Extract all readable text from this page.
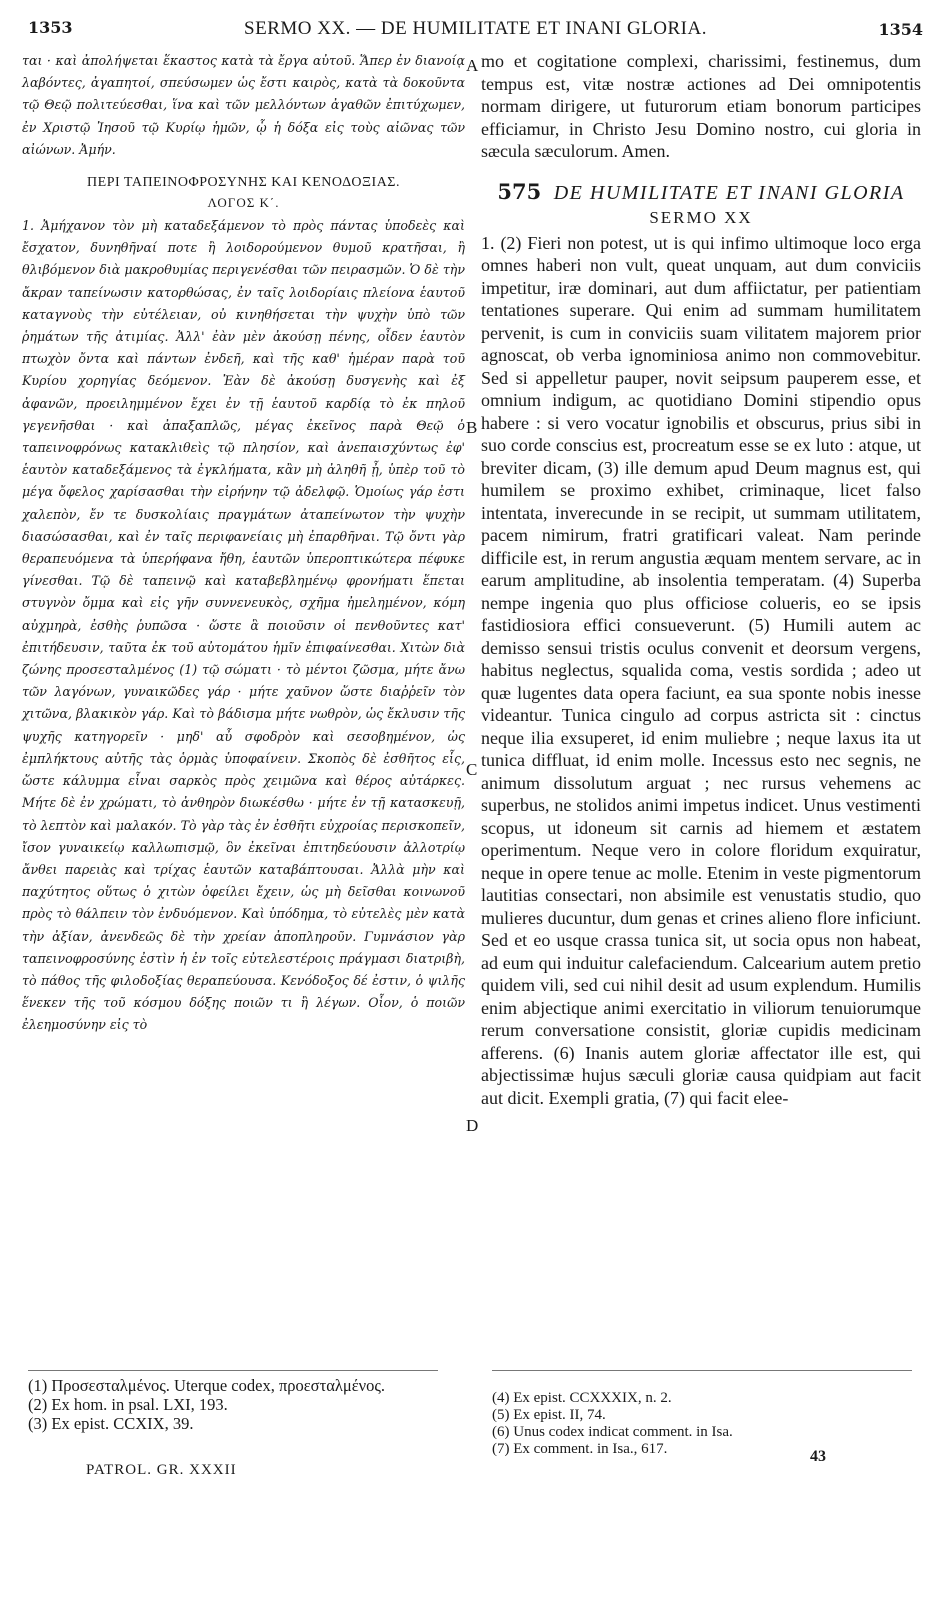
1353	SERMO XX. — DE HUMILITATE ET INANI GLORIA.	1354

ται · καὶ ἀπολήψεται ἕκαστος κατὰ τὰ ἔργα αὐτοῦ. Ἅπερ ἐν διανοίᾳ λαβόντες, ἀγαπητοί, σπεύσωμεν ὡς ἔστι καιρὸς, κατὰ τὰ δοκοῦντα τῷ Θεῷ πολιτεύεσθαι, ἵνα καὶ τῶν μελλόντων ἀγαθῶν ἐπιτύχωμεν, ἐν Χριστῷ Ἰησοῦ τῷ Κυρίῳ ἡμῶν, ᾧ ἡ δόξα εἰς τοὺς αἰῶνας τῶν αἰώνων. Ἀμήν.

ΠΕΡΙ ΤΑΠΕΙΝΟΦΡΟΣΥΝΗΣ ΚΑΙ ΚΕΝΟΔΟΞΙΑΣ.
ΛΟΓΟΣ Κ΄.

1. Ἀμήχανον τὸν μὴ καταδεξάμενον τὸ πρὸς πάντας ὑποδεὲς καὶ ἔσχατον, δυνηθῆναί ποτε ἢ λοιδορούμενον θυμοῦ κρατῆσαι, ἢ θλιβόμενον διὰ μακροθυμίας περιγενέσθαι τῶν πειρασμῶν. Ὁ δὲ τὴν ἄκραν ταπείνωσιν κατορθώσας, ἐν ταῖς λοιδορίαις πλείονα ἑαυτοῦ καταγνοὺς τὴν εὐτέλειαν, οὐ κινηθήσεται τὴν ψυχὴν ὑπὸ τῶν ῥημάτων τῆς ἀτιμίας. Ἀλλ' ἐὰν μὲν ἀκούσῃ πένης, οἶδεν ἑαυτὸν πτωχὸν ὄντα καὶ πάντων ἐνδεῆ, καὶ τῆς καθ' ἡμέραν παρὰ τοῦ Κυρίου χορηγίας δεόμενον. Ἐὰν δὲ ἀκούσῃ δυσγενὴς καὶ ἐξ ἀφανῶν, προειλημμένον ἔχει ἐν τῇ ἑαυτοῦ καρδίᾳ τὸ ἐκ πηλοῦ γεγενῆσθαι · καὶ ἀπαξαπλῶς, μέγας ἐκεῖνος παρὰ Θεῷ ὁ ταπεινοφρόνως κατακλιθεὶς τῷ πλησίον, καὶ ἀνεπαισχύντως ἐφ' ἑαυτὸν καταδεξάμενος τὰ ἐγκλήματα, κἂν μὴ ἀληθῆ ᾖ, ὑπὲρ τοῦ τὸ μέγα ὄφελος χαρίσασθαι τὴν εἰρήνην τῷ ἀδελφῷ. Ὁμοίως γάρ ἐστι χαλεπὸν, ἔν τε δυσκολίαις πραγμάτων ἀταπείνωτον τὴν ψυχὴν διασώσασθαι, καὶ ἐν ταῖς περιφανείαις μὴ ἐπαρθῆναι. Τῷ ὄντι γὰρ θεραπευόμενα τὰ ὑπερήφανα ἤθη, ἑαυτῶν ὑπεροπτικώτερα πέφυκε γίνεσθαι. Τῷ δὲ ταπεινῷ καὶ καταβεβλημένῳ φρονήματι ἕπεται στυγνὸν ὄμμα καὶ εἰς γῆν συννενευκὸς, σχῆμα ἠμελημένον, κόμη αὐχμηρὰ, ἐσθὴς ῥυπῶσα · ὥστε ἃ ποιοῦσιν οἱ πενθοῦντες κατ' ἐπιτήδευσιν, ταῦτα ἐκ τοῦ αὐτομάτου ἡμῖν ἐπιφαίνεσθαι. Χιτὼν διὰ ζώνης προσεσταλμένος (1) τῷ σώματι · τὸ μέντοι ζῶσμα, μήτε ἄνω τῶν λαγόνων, γυναικῶδες γάρ · μήτε χαῦνον ὥστε διαῤῥεῖν τὸν χιτῶνα, βλακικὸν γάρ. Καὶ τὸ βάδισμα μήτε νωθρὸν, ὡς ἔκλυσιν τῆς ψυχῆς κατηγορεῖν · μηδ' αὖ σφοδρὸν καὶ σεσοβημένον, ὡς ἐμπλήκτους αὐτῆς τὰς ὁρμὰς ὑποφαίνειν. Σκοπὸς δὲ ἐσθῆτος εἷς, ὥστε κάλυμμα εἶναι σαρκὸς πρὸς χειμῶνα καὶ θέρος αὐτάρκες. Μήτε δὲ ἐν χρώματι, τὸ ἀνθηρὸν διωκέσθω · μήτε ἐν τῇ κατασκευῇ, τὸ λεπτὸν καὶ μαλακόν. Τὸ γὰρ τὰς ἐν ἐσθῆτι εὐχροίας περισκοπεῖν, ἴσον γυναικείῳ καλλωπισμῷ, ὃν ἐκεῖναι ἐπιτηδεύουσιν ἀλλοτρίῳ ἄνθει παρειὰς καὶ τρίχας ἑαυτῶν καταβάπτουσαι. Ἀλλὰ μὴν καὶ παχύτητος οὕτως ὁ χιτὼν ὀφείλει ἔχειν, ὡς μὴ δεῖσθαι κοινωνοῦ πρὸς τὸ θάλπειν τὸν ἐνδυόμενον. Καὶ ὑπόδημα, τὸ εὐτελὲς μὲν κατὰ τὴν ἀξίαν, ἀνενδεῶς δὲ τὴν χρείαν ἀποπληροῦν. Γυμνάσιον γὰρ ταπεινοφροσύνης ἐστὶν ἡ ἐν τοῖς εὐτελεστέροις πράγμασι διατριβὴ, τὸ πάθος τῆς φιλοδοξίας θεραπεύουσα. Κενόδοξος δέ ἐστιν, ὁ ψιλῆς ἕνεκεν τῆς τοῦ κόσμου δόξης ποιῶν τι ἢ λέγων. Οἷον, ὁ ποιῶν ἐλεημοσύνην εἰς τὸ

mo et cogitatione complexi, charissimi, festinemus, dum tempus est, vitæ nostræ actiones ad Dei omnipotentis normam dirigere, ut futurorum etiam bonorum participes efficiamur, in Christo Jesu Domino nostro, cui gloria in sæcula sæculorum. Amen.

575 DE HUMILITATE ET INANI GLORIA
SERMO XX

1. (2) Fieri non potest, ut is qui infimo ultimoque loco erga omnes haberi non vult, queat unquam, aut dum conviciis impetitur, iræ dominari, aut dum affiictatur, per patientiam tentationes superare. Qui enim ad summam humilitatem pervenit, is cum in conviciis suam vilitatem majorem prior agnoscat, ob verba ignominiosa animo non commovebitur. Sed si appelletur pauper, novit seipsum pauperem esse, et omnium indigum, ac quotidiano Domini stipendio opus habere : si vero vocatur ignobilis et obscurus, prius sibi in suo corde conscius est, procreatum esse se ex luto : atque, ut breviter dicam, (3) ille demum apud Deum magnus est, qui humilem se proximo exhibet, criminaque, licet falso intentata, inverecunde in se recipit, ut summam utilitatem, pacem nimirum, fratri gratificari valeat. Nam perinde difficile est, in rerum angustia æquam mentem servare, ac in earum amplitudine, ab insolentia temperatam. (4) Superba nempe ingenia quo plus officiose colueris, eo se ipsis fastidiosiora effici consueverunt. (5) Humili autem ac demisso sensui tristis oculus convenit et deorsum vergens, habitus neglectus, squalida coma, vestis sordida ; adeo ut quæ lugentes data opera faciunt, ea sua sponte nobis inesse videantur. Tunica cingulo ad corpus astricta sit : cinctus neque ilia exsuperet, id enim muliebre ; neque laxus ita ut tunica diffluat, id enim molle. Incessus esto nec segnis, ne animum dissolutum arguat ; nec rursus vehemens ac superbus, ne stolidos animi impetus indicet. Unus vestimenti scopus, ut idoneum sit carnis ad hiemem et æstatem operimentum. Neque vero in colore floridum exquiratur, neque in opere tenue ac molle. Etenim in veste pigmentorum lautitias consectari, non absimile est venustatis studio, quo mulieres ducuntur, dum genas et crines alieno flore inficiunt. Sed et eo usque crassa tunica sit, ut socia opus non habeat, ad eum qui induitur calefaciendum. Calcearium autem pretio quidem vili, sed cui nihil desit ad usum explendum. Humilis enim abjectique animi exercitatio in viliorum tenuiorumque rerum conversatione consistit, gloriæ cupidis medicinam afferens. (6) Inanis autem gloriæ affectator ille est, qui abjectissimæ hujus sæculi gloriæ causa quidpiam aut facit aut dicit. Exempli gratia, (7) qui facit elee-

A
B
C
D

(1) Προσεσταλμένος. Uterque codex, προεσταλμένος.

(2) Ex hom. in psal. LXI, 193.

(3) Ex epist. CCXIX, 39.

(4) Ex epist. CCXXXIX, n. 2.

(5) Ex epist. II, 74.

(6) Unus codex indicat comment. in Isa.

(7) Ex comment. in Isa., 617.

PATROL. GR. XXXII
43
